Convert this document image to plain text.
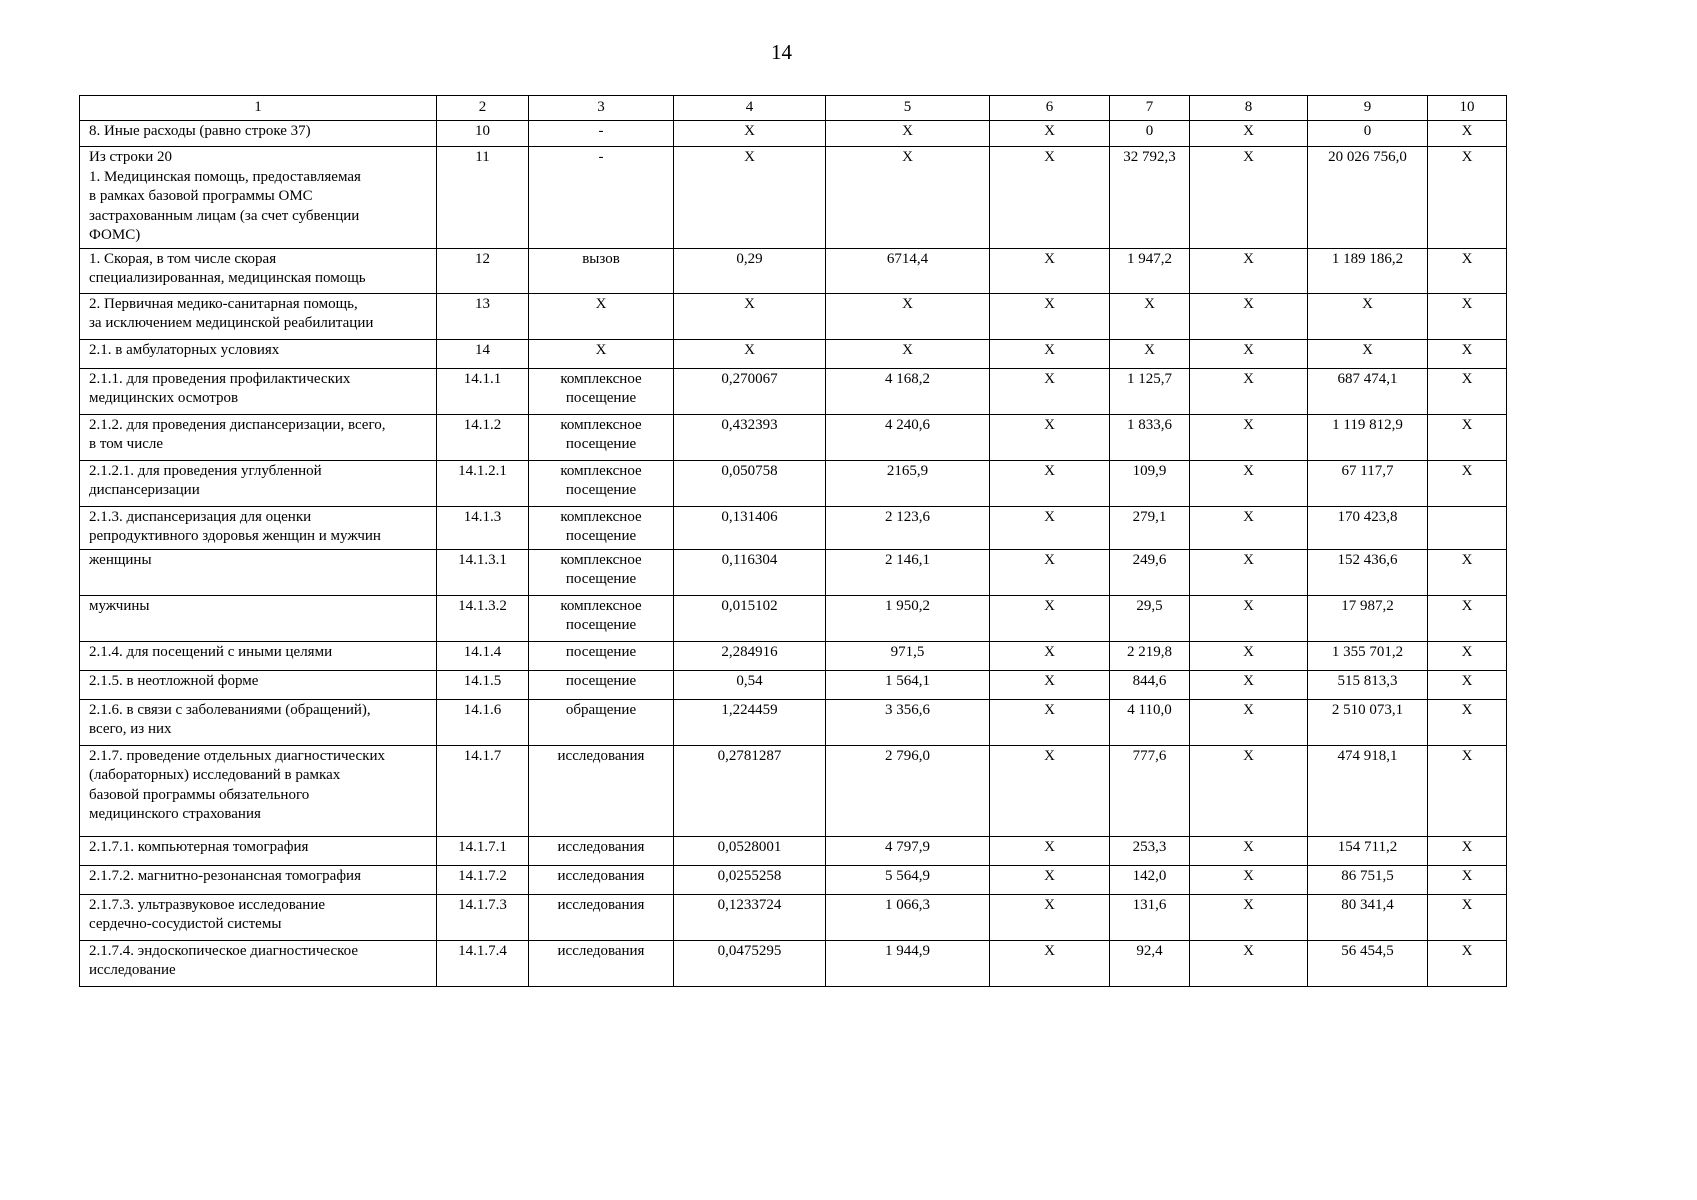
14
1	2	3	4	5	6	7	8	9	10
8. Иные расходы (равно строке 37)	10	-	X	X	X	0	X	0	X
Из строки 20
1. Медицинская помощь, предоставляемая
в рамках базовой программы ОМС
застрахованным лицам (за счет субвенции
ФОМС)	11	-	X	X	X	32 792,3	X	20 026 756,0	X
1. Скорая, в том числе скорая
специализированная, медицинская помощь	12	вызов	0,29	6714,4	X	1 947,2	X	1 189 186,2	X
2. Первичная медико-санитарная помощь,
за исключением медицинской реабилитации	13	X	X	X	X	X	X	X	X
2.1. в амбулаторных условиях	14	X	X	X	X	X	X	X	X
2.1.1. для проведения профилактических
медицинских осмотров	14.1.1	комплексное
посещение	0,270067	4 168,2	X	1 125,7	X	687 474,1	X
2.1.2. для проведения диспансеризации, всего,
в том числе	14.1.2	комплексное
посещение	0,432393	4 240,6	X	1 833,6	X	1 119 812,9	X
2.1.2.1. для проведения углубленной
диспансеризации	14.1.2.1	комплексное
посещение	0,050758	2165,9	X	109,9	X	67 117,7	X
2.1.3. диспансеризация для оценки
репродуктивного здоровья женщин и мужчин	14.1.3	комплексное
посещение	0,131406	2 123,6	X	279,1	X	170 423,8	
женщины	14.1.3.1	комплексное
посещение	0,116304	2 146,1	X	249,6	X	152 436,6	X
мужчины	14.1.3.2	комплексное
посещение	0,015102	1 950,2	X	29,5	X	17 987,2	X
2.1.4. для посещений с иными целями	14.1.4	посещение	2,284916	971,5	X	2 219,8	X	1 355 701,2	X
2.1.5. в неотложной форме	14.1.5	посещение	0,54	1 564,1	X	844,6	X	515 813,3	X
2.1.6. в связи с заболеваниями (обращений),
всего, из них	14.1.6	обращение	1,224459	3 356,6	X	4 110,0	X	2 510 073,1	X
2.1.7. проведение отдельных диагностических
(лабораторных) исследований в рамках
базовой программы обязательного
медицинского страхования	14.1.7	исследования	0,2781287	2 796,0	X	777,6	X	474 918,1	X
2.1.7.1. компьютерная томография	14.1.7.1	исследования	0,0528001	4 797,9	X	253,3	X	154 711,2	X
2.1.7.2. магнитно-резонансная томография	14.1.7.2	исследования	0,0255258	5 564,9	X	142,0	X	86 751,5	X
2.1.7.3. ультразвуковое исследование
сердечно-сосудистой системы	14.1.7.3	исследования	0,1233724	1 066,3	X	131,6	X	80 341,4	X
2.1.7.4. эндоскопическое диагностическое
исследование	14.1.7.4	исследования	0,0475295	1 944,9	X	92,4	X	56 454,5	X
